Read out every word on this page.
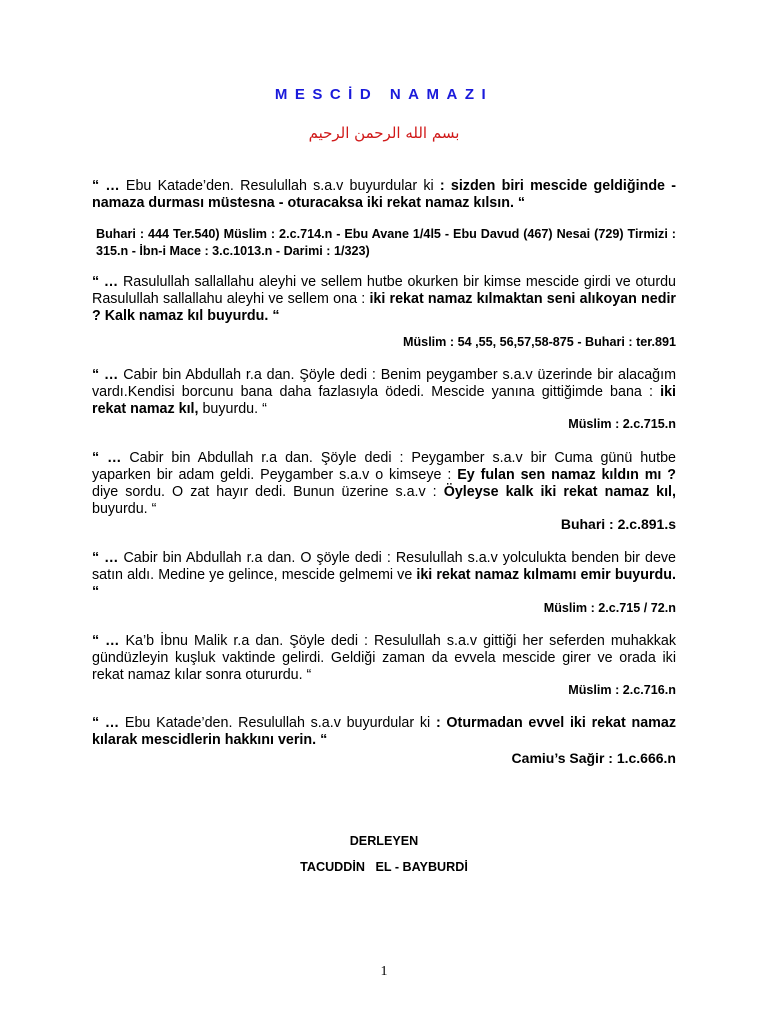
MESCİD NAMAZI
بسم الله الرحمن الرحيم
“ … Ebu Katade’den. Resulullah s.a.v buyurdular ki : sizden biri mescide geldiğinde - namaza durması müstesna - oturacaksa iki rekat namaz kılsın. “
Buhari : 444 Ter.540) Müslim : 2.c.714.n - Ebu Avane 1/4l5 - Ebu Davud (467) Nesai (729) Tirmizi : 315.n - İbn-i Mace : 3.c.1013.n - Darimi : 1/323)
“ … Rasulullah sallallahu aleyhi ve sellem hutbe okurken bir kimse mescide girdi ve oturdu Rasulullah sallallahu aleyhi ve sellem ona : iki rekat namaz kılmaktan seni alıkoyan nedir ? Kalk namaz kıl buyurdu. “
Müslim : 54 ,55, 56,57,58-875 - Buhari : ter.891
“ … Cabir bin Abdullah r.a dan. Şöyle dedi : Benim peygamber s.a.v üzerinde bir alacağım vardı.Kendisi borcunu bana daha fazlasıyla ödedi. Mescide yanına gittiğimde bana : iki rekat namaz kıl, buyurdu. “
Müslim : 2.c.715.n
“ … Cabir bin Abdullah r.a dan. Şöyle dedi : Peygamber s.a.v bir Cuma günü hutbe yaparken bir adam geldi. Peygamber s.a.v o kimseye : Ey fulan sen namaz kıldın mı ? diye sordu. O zat hayır dedi. Bunun üzerine s.a.v : Öyleyse kalk iki rekat namaz kıl, buyurdu. “
Buhari : 2.c.891.s
“ … Cabir bin Abdullah r.a dan. O şöyle dedi : Resulullah s.a.v yolculukta benden bir deve satın aldı. Medine ye gelince, mescide gelmemi ve iki rekat namaz kılmamı emir buyurdu. “
Müslim : 2.c.715 / 72.n
“ … Ka’b İbnu Malik r.a dan. Şöyle dedi : Resulullah s.a.v gittiği her seferden muhakkak gündüzleyin kuşluk vaktinde gelirdi. Geldiği zaman da evvela mescide girer ve orada iki rekat namaz kılar sonra otururdu. “
Müslim : 2.c.716.n
“ … Ebu Katade’den. Resulullah s.a.v buyurdular ki : Oturmadan evvel iki rekat namaz kılarak mescidlerin hakkını verin. “
Camiu’s Sağir : 1.c.666.n
DERLEYEN
TACUDDİN   EL - BAYBURDİ
1
